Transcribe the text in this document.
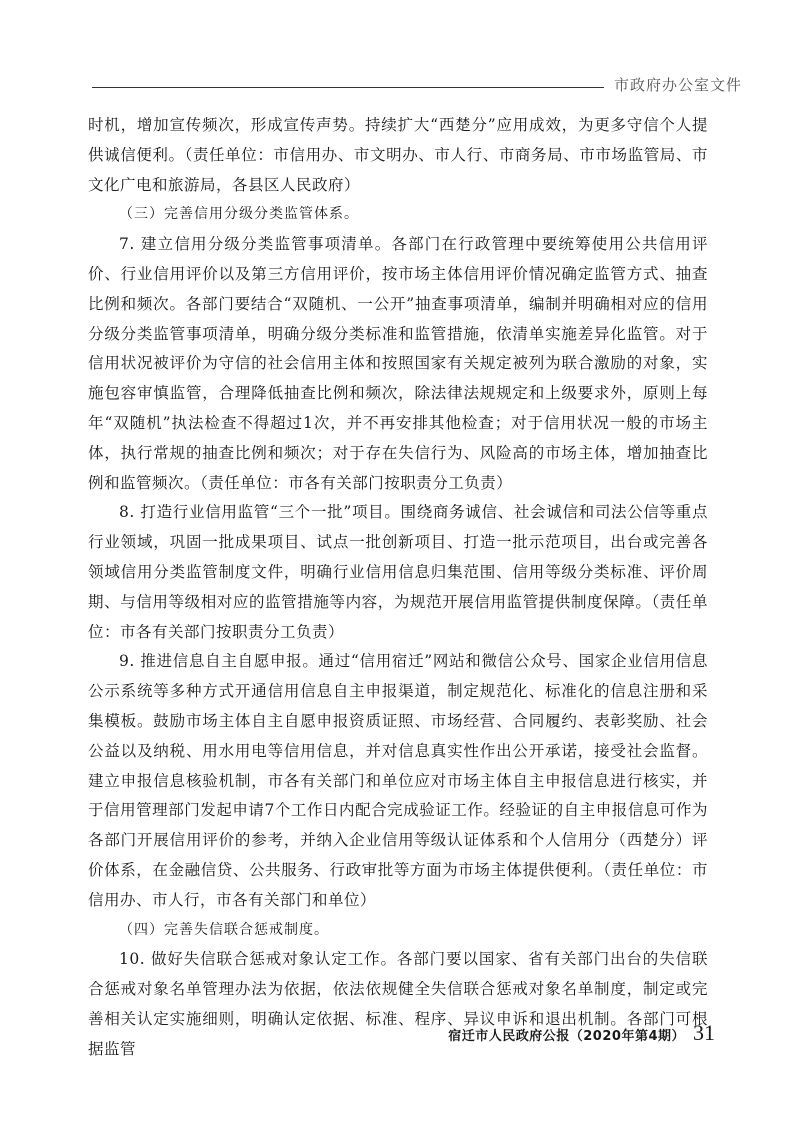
市政府办公室文件

时机，增加宣传频次，形成宣传声势。持续扩大“西楚分”应用成效，为更多守信个人提供诚信便利。（责任单位：市信用办、市文明办、市人行、市商务局、市市场监管局、市文化广电和旅游局，各县区人民政府）

（三）完善信用分级分类监管体系。

7. 建立信用分级分类监管事项清单。各部门在行政管理中要统筹使用公共信用评价、行业信用评价以及第三方信用评价，按市场主体信用评价情况确定监管方式、抽查比例和频次。各部门要结合“双随机、一公开”抽查事项清单，编制并明确相对应的信用分级分类监管事项清单，明确分级分类标准和监管措施，依清单实施差异化监管。对于信用状况被评价为守信的社会信用主体和按照国家有关规定被列为联合激励的对象，实施包容审慎监管，合理降低抽查比例和频次，除法律法规规定和上级要求外，原则上每年“双随机”执法检查不得超过1次，并不再安排其他检查；对于信用状况一般的市场主体，执行常规的抽查比例和频次；对于存在失信行为、风险高的市场主体，增加抽查比例和监管频次。（责任单位：市各有关部门按职责分工负责）

8. 打造行业信用监管“三个一批”项目。围绕商务诚信、社会诚信和司法公信等重点行业领域，巩固一批成果项目、试点一批创新项目、打造一批示范项目，出台或完善各领域信用分类监管制度文件，明确行业信用信息归集范围、信用等级分类标准、评价周期、与信用等级相对应的监管措施等内容，为规范开展信用监管提供制度保障。（责任单位：市各有关部门按职责分工负责）

9. 推进信息自主自愿申报。通过“信用宿迁”网站和微信公众号、国家企业信用信息公示系统等多种方式开通信用信息自主申报渠道，制定规范化、标准化的信息注册和采集模板。鼓励市场主体自主自愿申报资质证照、市场经营、合同履约、表彰奖励、社会公益以及纳税、用水用电等信用信息，并对信息真实性作出公开承诺，接受社会监督。建立申报信息核验机制，市各有关部门和单位应对市场主体自主申报信息进行核实，并于信用管理部门发起申请7个工作日内配合完成验证工作。经验证的自主申报信息可作为各部门开展信用评价的参考，并纳入企业信用等级认证体系和个人信用分（西楚分）评价体系，在金融信贷、公共服务、行政审批等方面为市场主体提供便利。（责任单位：市信用办、市人行，市各有关部门和单位）

（四）完善失信联合惩戒制度。

10. 做好失信联合惩戒对象认定工作。各部门要以国家、省有关部门出台的失信联合惩戒对象名单管理办法为依据，依法依规健全失信联合惩戒对象名单制度，制定或完善相关认定实施细则，明确认定依据、标准、程序、异议申诉和退出机制。各部门可根据监管

宿迁市人民政府公报（2020年第4期） 31
